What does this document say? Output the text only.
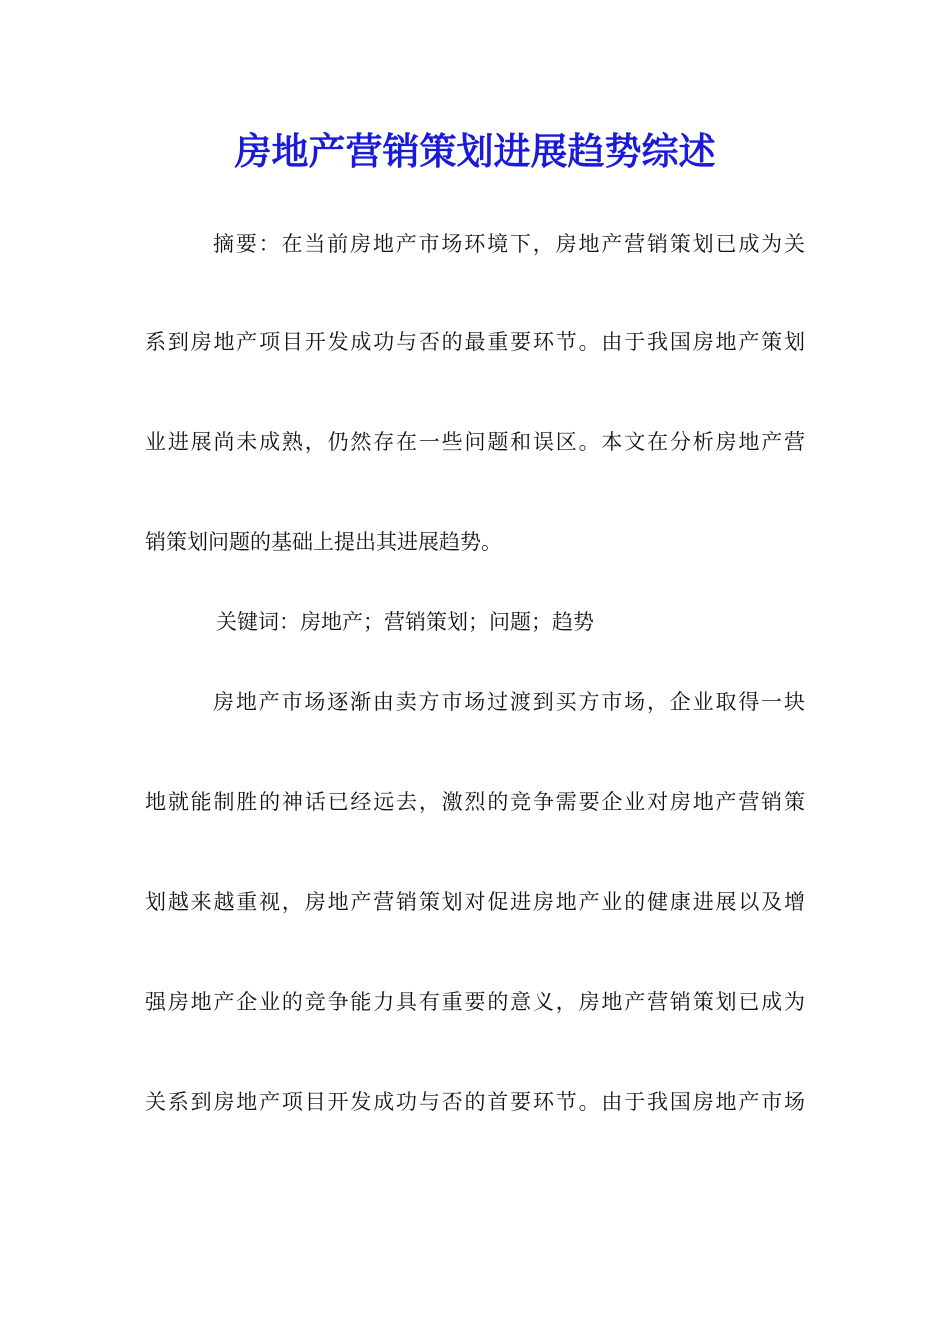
房地产营销策划进展趋势综述
摘要：在当前房地产市场环境下，房地产营销策划已成为关
系到房地产项目开发成功与否的最重要环节。由于我国房地产策划
业进展尚未成熟，仍然存在一些问题和误区。本文在分析房地产营
销策划问题的基础上提出其进展趋势。
关键词：房地产；营销策划；问题；趋势
房地产市场逐渐由卖方市场过渡到买方市场，企业取得一块
地就能制胜的神话已经远去，激烈的竞争需要企业对房地产营销策
划越来越重视，房地产营销策划对促进房地产业的健康进展以及增
强房地产企业的竞争能力具有重要的意义，房地产营销策划已成为
关系到房地产项目开发成功与否的首要环节。由于我国房地产市场
